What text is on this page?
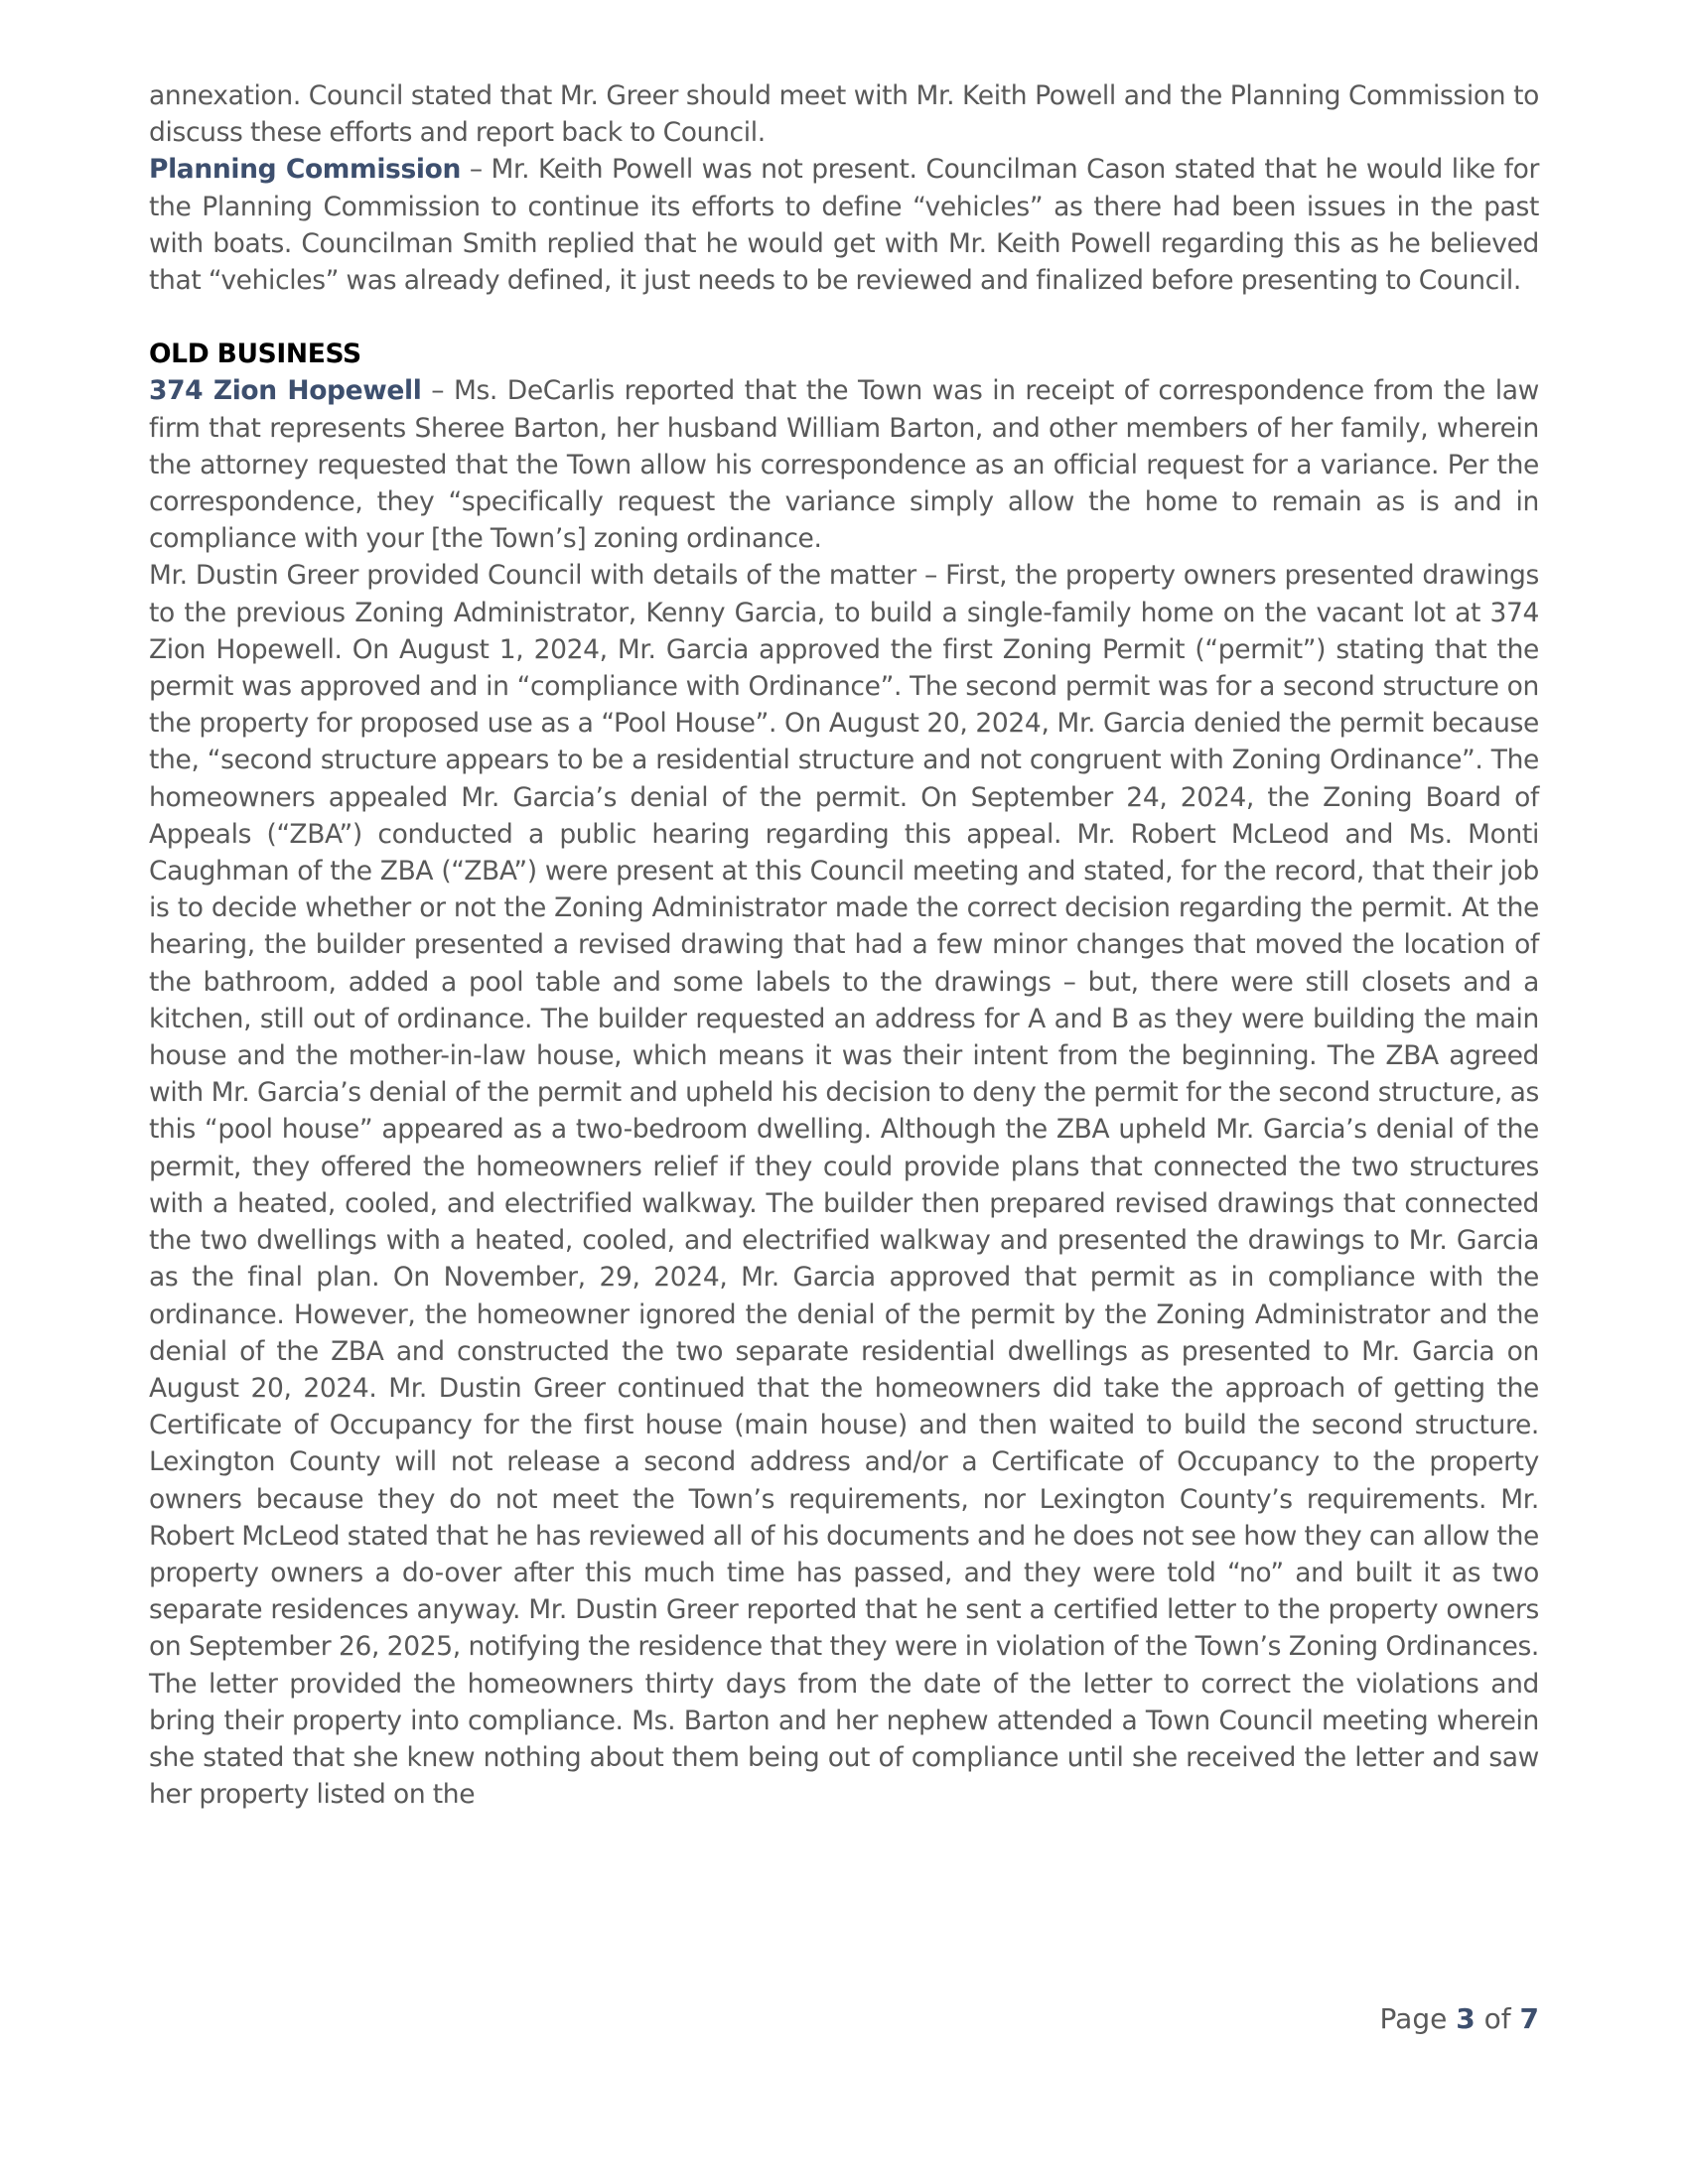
annexation. Council stated that Mr. Greer should meet with Mr. Keith Powell and the Planning Commission to discuss these efforts and report back to Council.

Planning Commission – Mr. Keith Powell was not present. Councilman Cason stated that he would like for the Planning Commission to continue its efforts to define “vehicles” as there had been issues in the past with boats. Councilman Smith replied that he would get with Mr. Keith Powell regarding this as he believed that “vehicles” was already defined, it just needs to be reviewed and finalized before presenting to Council.

OLD BUSINESS

374 Zion Hopewell – Ms. DeCarlis reported that the Town was in receipt of correspondence from the law firm that represents Sheree Barton, her husband William Barton, and other members of her family, wherein the attorney requested that the Town allow his correspondence as an official request for a variance. Per the correspondence, they “specifically request the variance simply allow the home to remain as is and in compliance with your [the Town’s] zoning ordinance.

Mr. Dustin Greer provided Council with details of the matter – First, the property owners presented drawings to the previous Zoning Administrator, Kenny Garcia, to build a single-family home on the vacant lot at 374 Zion Hopewell. On August 1, 2024, Mr. Garcia approved the first Zoning Permit (“permit”) stating that the permit was approved and in “compliance with Ordinance”. The second permit was for a second structure on the property for proposed use as a “Pool House”. On August 20, 2024, Mr. Garcia denied the permit because the, “second structure appears to be a residential structure and not congruent with Zoning Ordinance”. The homeowners appealed Mr. Garcia’s denial of the permit. On September 24, 2024, the Zoning Board of Appeals (“ZBA”) conducted a public hearing regarding this appeal. Mr. Robert McLeod and Ms. Monti Caughman of the ZBA (“ZBA”) were present at this Council meeting and stated, for the record, that their job is to decide whether or not the Zoning Administrator made the correct decision regarding the permit. At the hearing, the builder presented a revised drawing that had a few minor changes that moved the location of the bathroom, added a pool table and some labels to the drawings – but, there were still closets and a kitchen, still out of ordinance. The builder requested an address for A and B as they were building the main house and the mother-in-law house, which means it was their intent from the beginning. The ZBA agreed with Mr. Garcia’s denial of the permit and upheld his decision to deny the permit for the second structure, as this “pool house” appeared as a two-bedroom dwelling. Although the ZBA upheld Mr. Garcia’s denial of the permit, they offered the homeowners relief if they could provide plans that connected the two structures with a heated, cooled, and electrified walkway. The builder then prepared revised drawings that connected the two dwellings with a heated, cooled, and electrified walkway and presented the drawings to Mr. Garcia as the final plan. On November, 29, 2024, Mr. Garcia approved that permit as in compliance with the ordinance. However, the homeowner ignored the denial of the permit by the Zoning Administrator and the denial of the ZBA and constructed the two separate residential dwellings as presented to Mr. Garcia on August 20, 2024. Mr. Dustin Greer continued that the homeowners did take the approach of getting the Certificate of Occupancy for the first house (main house) and then waited to build the second structure. Lexington County will not release a second address and/or a Certificate of Occupancy to the property owners because they do not meet the Town’s requirements, nor Lexington County’s requirements. Mr. Robert McLeod stated that he has reviewed all of his documents and he does not see how they can allow the property owners a do-over after this much time has passed, and they were told “no” and built it as two separate residences anyway. Mr. Dustin Greer reported that he sent a certified letter to the property owners on September 26, 2025, notifying the residence that they were in violation of the Town’s Zoning Ordinances. The letter provided the homeowners thirty days from the date of the letter to correct the violations and bring their property into compliance. Ms. Barton and her nephew attended a Town Council meeting wherein she stated that she knew nothing about them being out of compliance until she received the letter and saw her property listed on the

Page 3 of 7
